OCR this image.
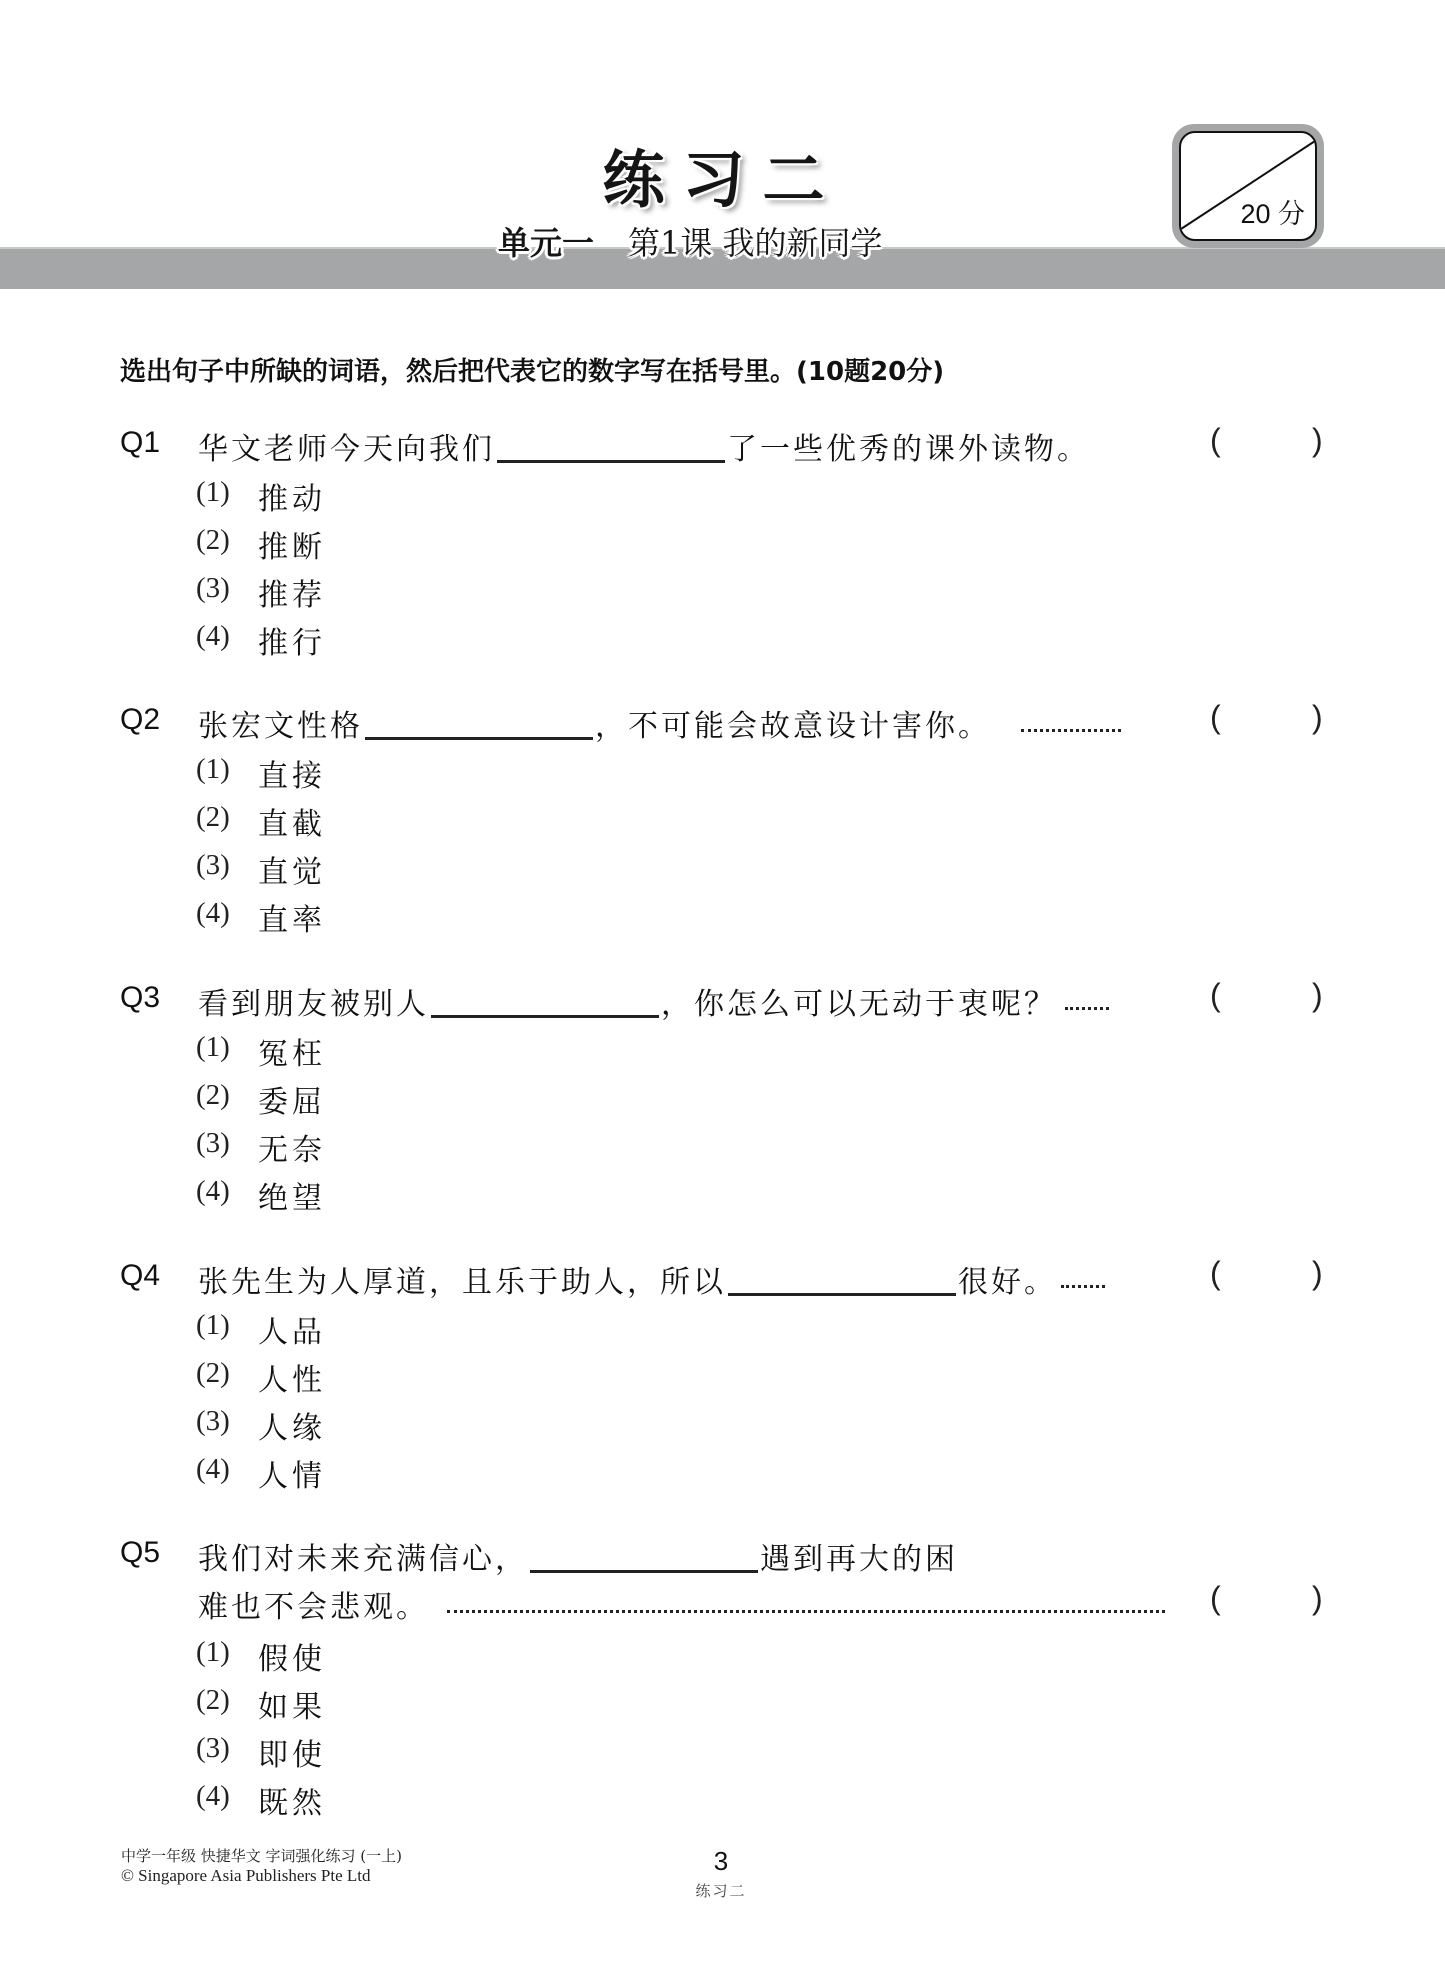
练习二
单元一 第1课 我的新同学
20 分
选出句子中所缺的词语，然后把代表它的数字写在括号里。(10题20分)
Q1 华文老师今天向我们	了一些优秀的课外读物。	(	)
(1) 推动
(2) 推断
(3) 推荐
(4) 推行
Q2 张宏文性格	，不可能会故意设计害你。	(	)
(1) 直接
(2) 直截
(3) 直觉
(4) 直率
Q3 看到朋友被别人	，你怎么可以无动于衷呢？	(	)
(1) 冤枉
(2) 委屈
(3) 无奈
(4) 绝望
Q4 张先生为人厚道，且乐于助人，所以	很好。	(	)
(1) 人品
(2) 人性
(3) 人缘
(4) 人情
Q5 我们对未来充满信心，	遇到再大的困
难也不会悲观。	(	)
(1) 假使
(2) 如果
(3) 即使
(4) 既然
中学一年级 快捷华文 字词强化练习 (一上)
© Singapore Asia Publishers Pte Ltd	3
练习二
